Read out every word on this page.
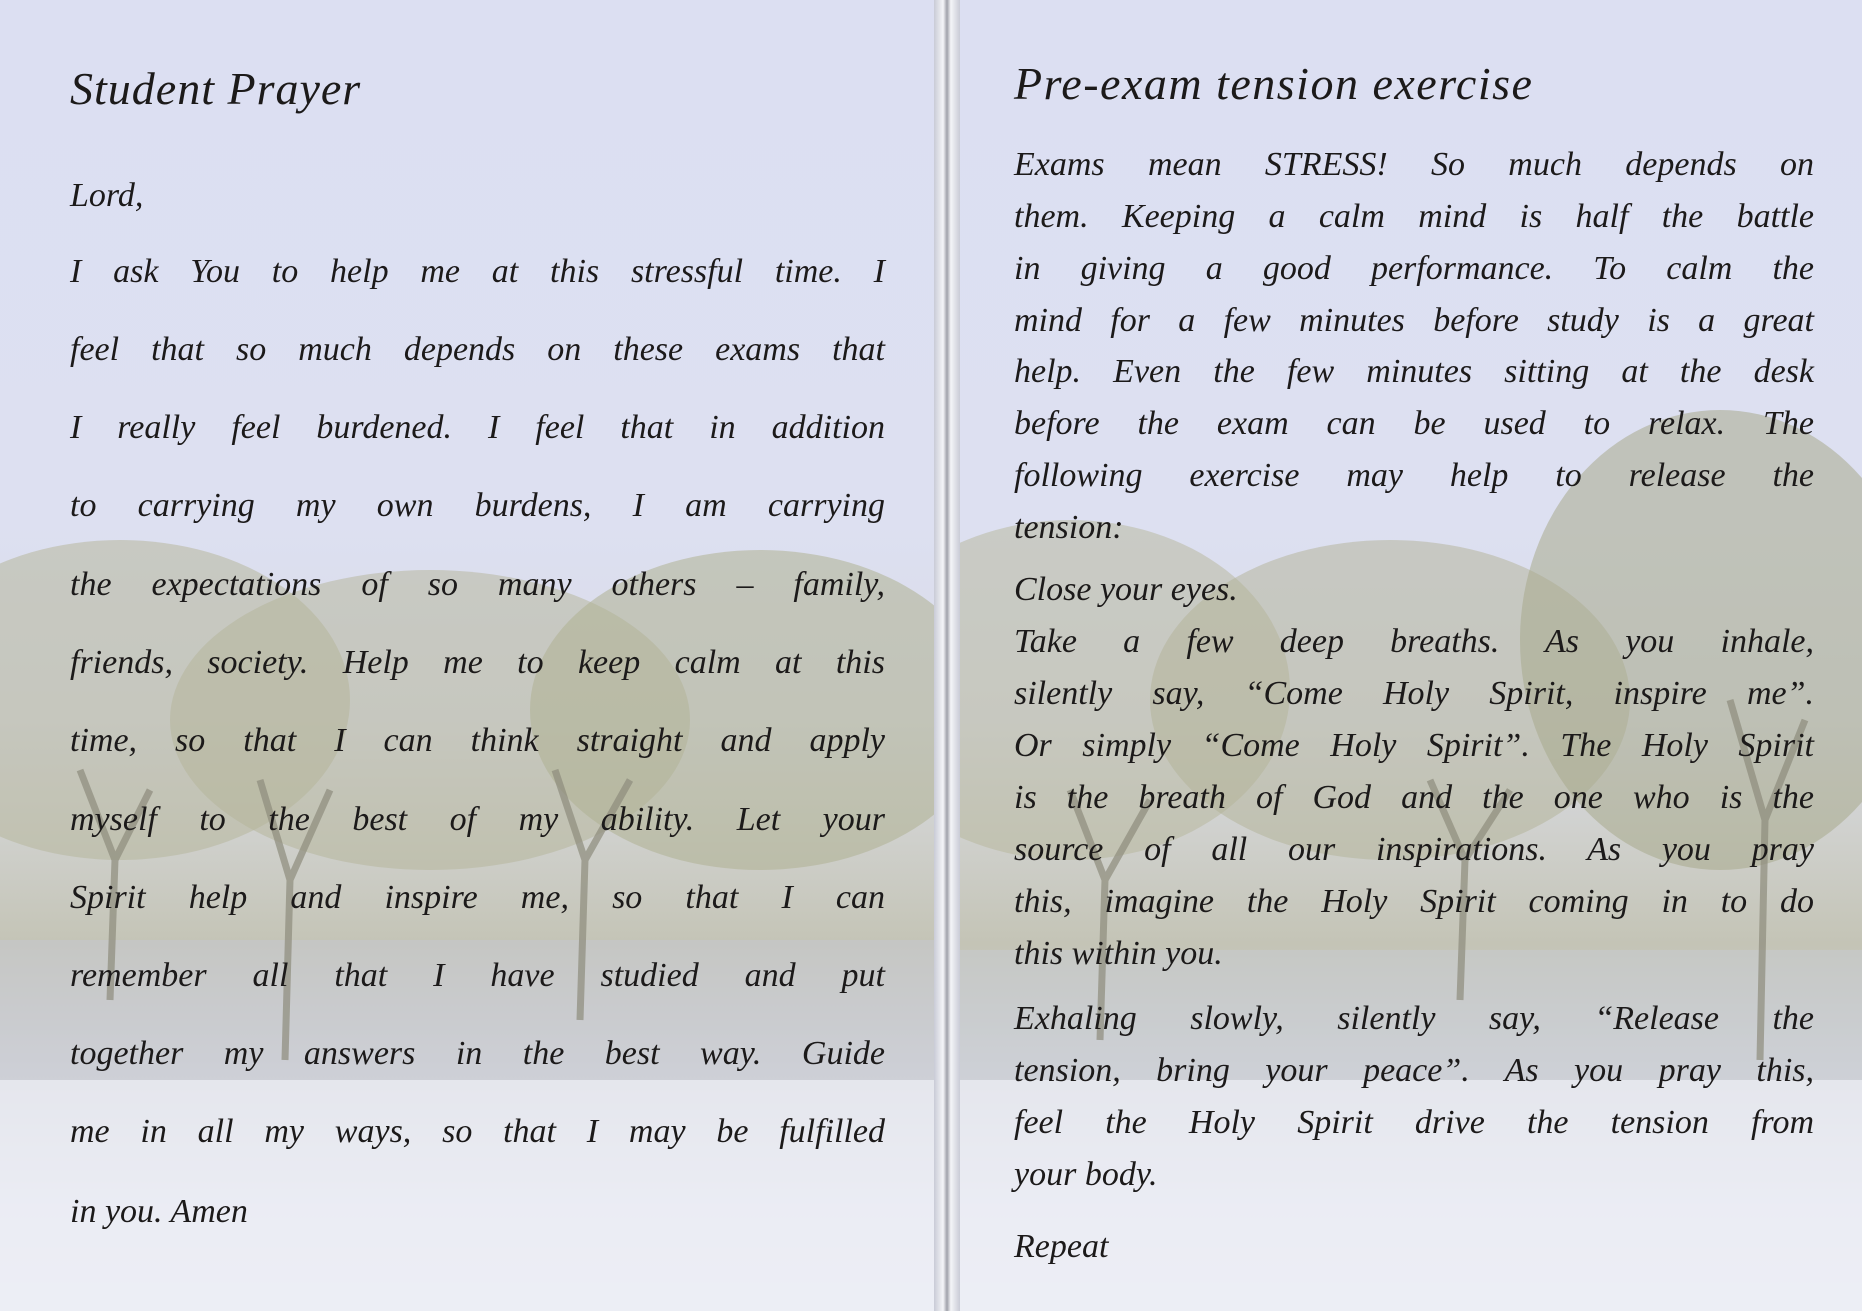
Student Prayer

Lord,

I ask You to help me at this stressful time. I

feel that so much depends on these exams that

I really feel burdened. I feel that in addition

to carrying my own burdens, I am carrying

the expectations of so many others – family,

friends, society. Help me to keep calm at this

time, so that I can think straight and apply

myself to the best of my ability. Let your

Spirit help and inspire me, so that I can

remember all that I have studied and put

together my answers in the best way. Guide

me in all my ways, so that I may be fulfilled

in you. Amen

Pre-exam tension exercise

Exams mean STRESS! So much depends on

them. Keeping a calm mind is half the battle

in giving a good performance. To calm the

mind for a few minutes before study is a great

help. Even the few minutes sitting at the desk

before the exam can be used to relax. The

following exercise may help to release the

tension:

Close your eyes.

Take a few deep breaths. As you inhale,

silently say, “Come Holy Spirit, inspire me”.

Or simply “Come Holy Spirit”. The Holy Spirit

is the breath of God and the one who is the

source of all our inspirations. As you pray

this, imagine the Holy Spirit coming in to do

this within you.

Exhaling slowly, silently say, “Release the

tension, bring your peace”. As you pray this,

feel the Holy Spirit drive the tension from

your body.

Repeat
